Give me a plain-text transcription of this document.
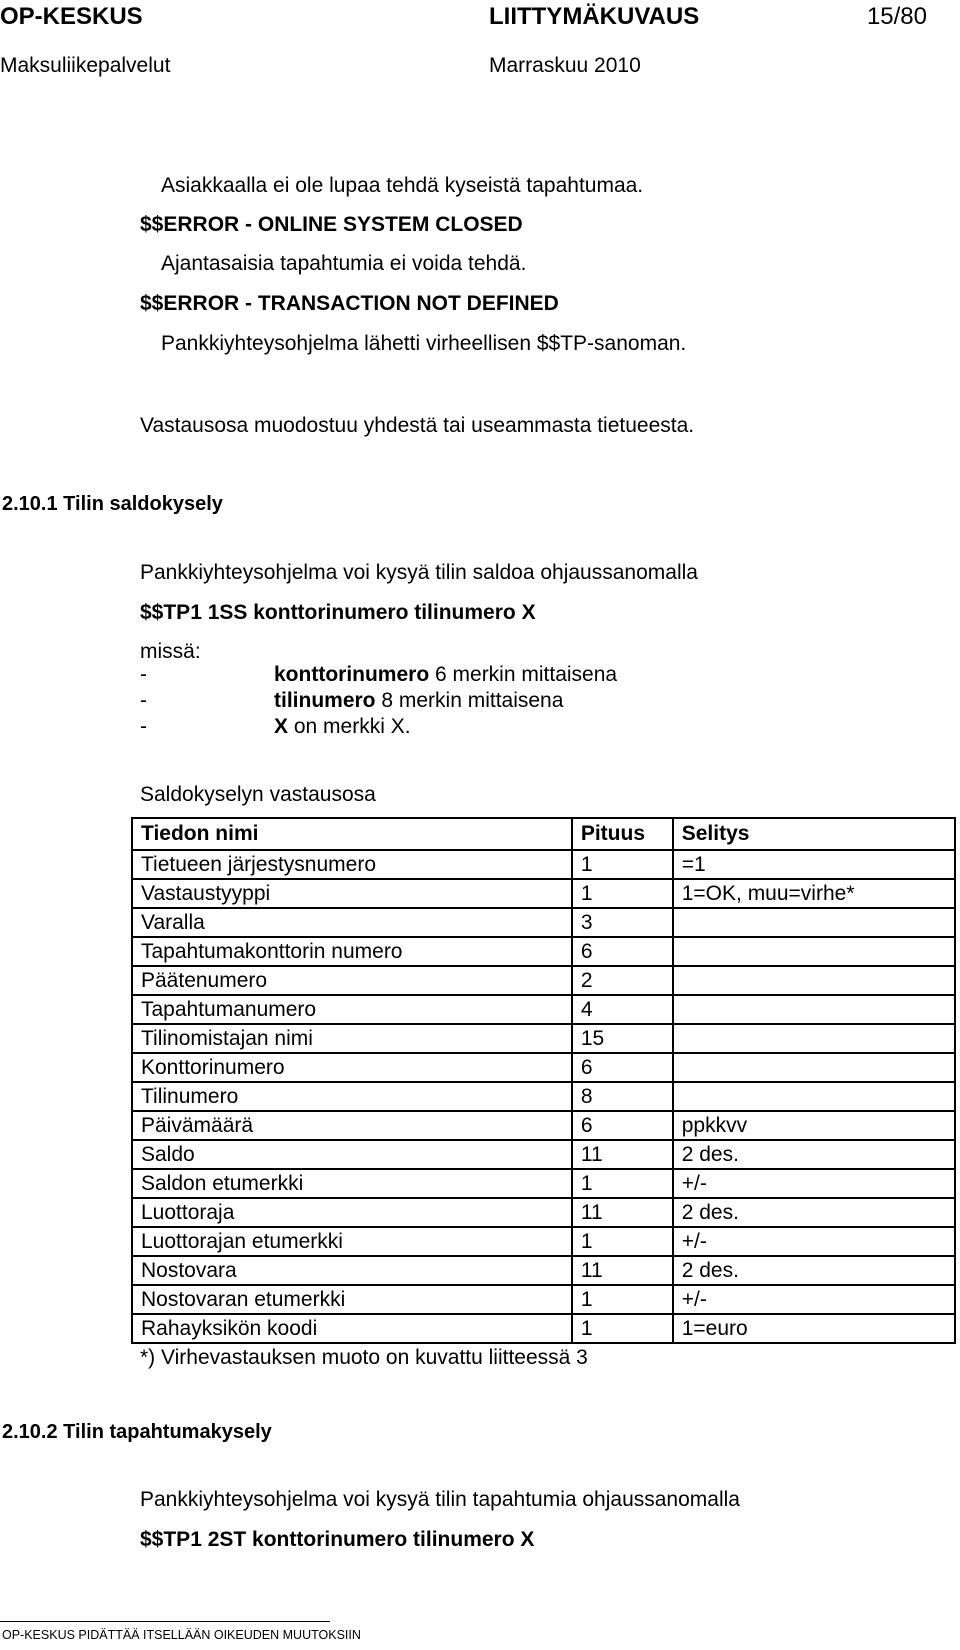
OP-KESKUS	LIITTYMÄKUVAUS	15/80
Maksuliikepalvelut	Marraskuu 2010
Asiakkaalla ei ole lupaa tehdä kyseistä tapahtumaa.
$$ERROR - ONLINE SYSTEM CLOSED
Ajantasaisia tapahtumia ei voida tehdä.
$$ERROR - TRANSACTION NOT DEFINED
Pankkiyhteysohjelma lähetti virheellisen $$TP-sanoman.
Vastausosa muodostuu yhdestä tai useammasta tietueesta.
2.10.1 Tilin saldokysely
Pankkiyhteysohjelma voi kysyä tilin saldoa ohjaussanomalla
$$TP1 1SS konttorinumero tilinumero X
missä:
-	konttorinumero 6 merkin mittaisena
-	tilinumero 8 merkin mittaisena
-	X on merkki X.
Saldokyselyn vastausosa
Tiedon nimi	Pituus	Selitys
Tietueen järjestysnumero	1	=1
Vastaustyyppi	1	1=OK, muu=virhe*
Varalla	3	
Tapahtumakonttorin numero	6	
Päätenumero	2	
Tapahtumanumero	4	
Tilinomistajan nimi	15	
Konttorinumero	6	
Tilinumero	8	
Päivämäärä	6	ppkkvv
Saldo	11	2 des.
Saldon etumerkki	1	+/-
Luottoraja	11	2 des.
Luottorajan etumerkki	1	+/-
Nostovara	11	2 des.
Nostovaran etumerkki	1	+/-
Rahayksikön koodi	1	1=euro
*) Virhevastauksen muoto on kuvattu liitteessä 3
2.10.2 Tilin tapahtumakysely
Pankkiyhteysohjelma voi kysyä tilin tapahtumia ohjaussanomalla
$$TP1 2ST konttorinumero tilinumero X
OP-KESKUS PIDÄTTÄÄ ITSELLÄÄN OIKEUDEN MUUTOKSIIN
